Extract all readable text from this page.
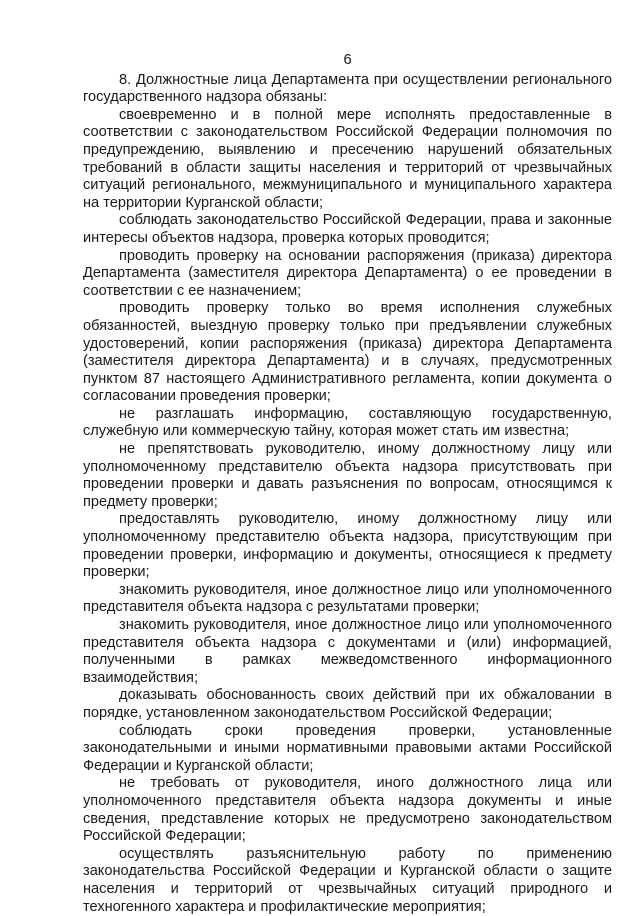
6

8. Должностные лица Департамента при осуществлении регионального государственного надзора обязаны:

своевременно и в полной мере исполнять предоставленные в соответствии с законодательством Российской Федерации полномочия по предупреждению, выявлению и пресечению нарушений обязательных требований в области защиты населения и территорий от чрезвычайных ситуаций регионального, межмуниципального и муниципального характера на территории Курганской области;

соблюдать законодательство Российской Федерации, права и законные интересы объектов надзора, проверка которых проводится;

проводить проверку на основании распоряжения (приказа) директора Департамента (заместителя директора Департамента) о ее проведении в соответствии с ее назначением;

проводить проверку только во время исполнения служебных обязанностей, выездную проверку только при предъявлении служебных удостоверений, копии распоряжения (приказа) директора Департамента (заместителя директора Департамента) и в случаях, предусмотренных пунктом 87 настоящего Административного регламента, копии документа о согласовании проведения проверки;

не разглашать информацию, составляющую государственную, служебную или коммерческую тайну, которая может стать им известна;

не препятствовать руководителю, иному должностному лицу или уполномоченному представителю объекта надзора присутствовать при проведении проверки и давать разъяснения по вопросам, относящимся к предмету проверки;

предоставлять руководителю, иному должностному лицу или уполномоченному представителю объекта надзора, присутствующим при проведении проверки, информацию и документы, относящиеся к предмету проверки;

знакомить руководителя, иное должностное лицо или уполномоченного представителя объекта надзора с результатами проверки;

знакомить руководителя, иное должностное лицо или уполномоченного представителя объекта надзора с документами и (или) информацией, полученными в рамках межведомственного информационного взаимодействия;

доказывать обоснованность своих действий при их обжаловании в порядке, установленном законодательством Российской Федерации;

соблюдать сроки проведения проверки, установленные законодательными и иными нормативными правовыми актами Российской Федерации и Курганской области;

не требовать от руководителя, иного должностного лица или уполномоченного представителя объекта надзора документы и иные сведения, представление которых не предусмотрено законодательством Российской Федерации;

осуществлять разъяснительную работу по применению законодательства Российской Федерации и Курганской области о защите населения и территорий от чрезвычайных ситуаций природного и техногенного характера и профилактические мероприятия;
